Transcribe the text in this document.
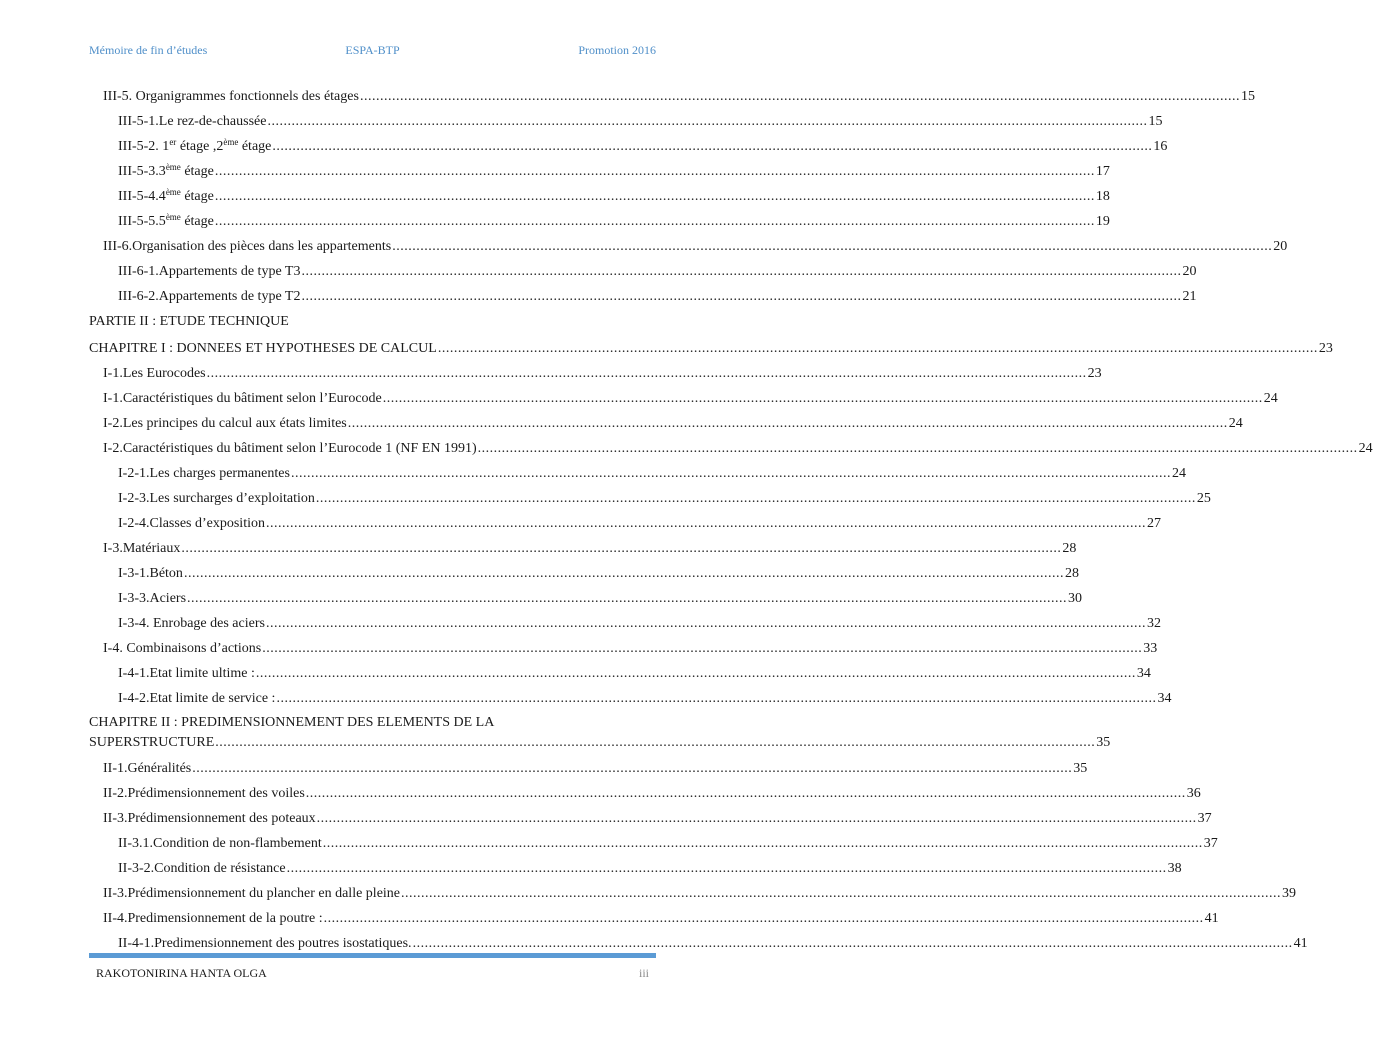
Mémoire de fin d’études	ESPA-BTP	Promotion 2016
III-5. Organigrammes fonctionnels des étages ............................................................................................................................................................................................................................ 15
III-5-1.Le rez-de-chaussée ............................................................................................................................................................................................................................ 15
III-5-2. 1er étage ,2ème étage ............................................................................................................................................................................................................................ 16
III-5-3.3ème étage ............................................................................................................................................................................................................................ 17
III-5-4.4ème étage ............................................................................................................................................................................................................................ 18
III-5-5.5ème étage ............................................................................................................................................................................................................................ 19
III-6.Organisation des pièces dans les appartements ............................................................................................................................................................................................................................ 20
III-6-1.Appartements de type T3 ............................................................................................................................................................................................................................ 20
III-6-2.Appartements de type T2 ............................................................................................................................................................................................................................ 21
PARTIE II : ETUDE TECHNIQUE
CHAPITRE I : DONNEES ET HYPOTHESES DE CALCUL ............................................................................................................................................................................................................................ 23
I-1.Les Eurocodes ............................................................................................................................................................................................................................ 23
I-1.Caractéristiques du bâtiment selon l’Eurocode ............................................................................................................................................................................................................................ 24
I-2.Les principes du calcul aux états limites ............................................................................................................................................................................................................................ 24
I-2.Caractéristiques du bâtiment selon l’Eurocode 1 (NF EN 1991) ............................................................................................................................................................................................................................ 24
I-2-1.Les charges permanentes ............................................................................................................................................................................................................................ 24
I-2-3.Les surcharges d’exploitation ............................................................................................................................................................................................................................ 25
I-2-4.Classes d’exposition ............................................................................................................................................................................................................................ 27
I-3.Matériaux ............................................................................................................................................................................................................................ 28
I-3-1.Béton ............................................................................................................................................................................................................................ 28
I-3-3.Aciers ............................................................................................................................................................................................................................ 30
I-3-4. Enrobage des aciers ............................................................................................................................................................................................................................ 32
I-4. Combinaisons d’actions ............................................................................................................................................................................................................................ 33
I-4-1.Etat limite ultime : ............................................................................................................................................................................................................................ 34
I-4-2.Etat limite de service : ............................................................................................................................................................................................................................ 34
CHAPITRE II : PREDIMENSIONNEMENT DES ELEMENTS DE LA
SUPERSTRUCTURE ............................................................................................................................................................................................................................ 35
II-1.Généralités ............................................................................................................................................................................................................................ 35
II-2.Prédimensionnement des voiles ............................................................................................................................................................................................................................ 36
II-3.Prédimensionnement des poteaux ............................................................................................................................................................................................................................ 37
II-3.1.Condition de non-flambement ............................................................................................................................................................................................................................ 37
II-3-2.Condition de résistance ............................................................................................................................................................................................................................ 38
II-3.Prédimensionnement du plancher en dalle pleine ............................................................................................................................................................................................................................ 39
II-4.Predimensionnement de la poutre : ............................................................................................................................................................................................................................ 41
II-4-1.Predimensionnement des poutres isostatiques. ............................................................................................................................................................................................................................ 41
RAKOTONIRINA HANTA OLGA	iii
